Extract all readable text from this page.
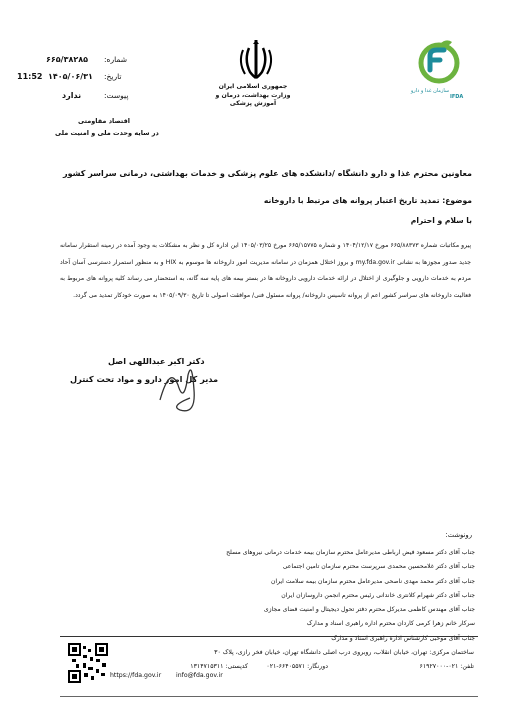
سازمان غذا و دارو
IFDA
جمهوری اسلامی ایران
وزارت بهداشت، درمان و آموزش پزشکی
شماره:
۶۶۵/۳۸۲۸۵
تاریخ:
۱۴۰۵/۰۶/۳۱
11:52
پیوست:
ندارد
اقتصاد مقاومتی
در سایه وحدت ملی و امنیت ملی
معاونین محترم غذا و دارو دانشگاه /دانشکده های علوم پزشکی و خدمات بهداشتی، درمانی سراسر کشور
موضوع: تمدید تاریخ اعتبار پروانه های مرتبط با داروخانه
با سلام و احترام

پیرو مکاتبات شماره ۶۶۵/۸۸۳۷۳ مورخ ۱۴۰۴/۱۲/۱۷ و شماره ۶۶۵/۱۵۷۷۵ مورخ ۱۴۰۵/۰۳/۲۵ این اداره کل و نظر به مشکلات به وجود آمده در زمینه استقرار سامانه جدید صدور مجوزها به نشانی my.fda.gov.ir و بروز اختلال همزمان در سامانه مدیریت امور داروخانه ها موسوم به HIX و به منظور استمرار دسترسی آسان آحاد مردم به خدمات دارویی و جلوگیری از اختلال در ارائه خدمات دارویی داروخانه ها در بستر بیمه های پایه سه گانه، به استحضار می رساند کلیه پروانه های مربوط به فعالیت داروخانه های سراسر کشور اعم از پروانه تاسیس داروخانه/ پروانه مسئول فنی/ موافقت اصولی تا تاریخ ۱۴۰۵/۰۹/۳۰ به صورت خودکار تمدید می گردد.

دکتر اکبر عبداللهی اصل
مدیر کل امور دارو و مواد تحت کنترل
رونوشت:
جناب آقای دکتر مسعود فیض ارباطی مدیرعامل محترم سازمان بیمه خدمات درمانی نیروهای مسلح
جناب آقای دکتر غلامحسین محمدی سرپرست محترم سازمان تامین اجتماعی
جناب آقای دکتر محمد مهدی ناصحی مدیرعامل محترم سازمان بیمه سلامت ایران
جناب آقای دکتر شهرام کلانتری خاندانی رئیس محترم انجمن داروسازان ایران
جناب آقای مهندس کاظمی مدیرکل محترم دفتر تحول دیجیتال و امنیت فضای مجازی
سرکار خانم زهرا کرمی کاردان محترم اداره راهبری اسناد و مدارک
جناب آقای موحبی کارشناس اداره راهبری اسناد و مدارک
ساختمان مرکزی: تهران، خیابان انقلاب، روبروی درب اصلی دانشگاه تهران، خیابان فخر رازی، پلاک ۳۰
تلفن: ۰۲۱-۶۱۹۲۷۰۰۰
دورنگار: ۶۶۴۰۵۵۷۱-۰۲۱
کدپستی: ۱۳۱۴۷۱۵۳۱۱
info@fda.gov.ir
https://fda.gov.ir
